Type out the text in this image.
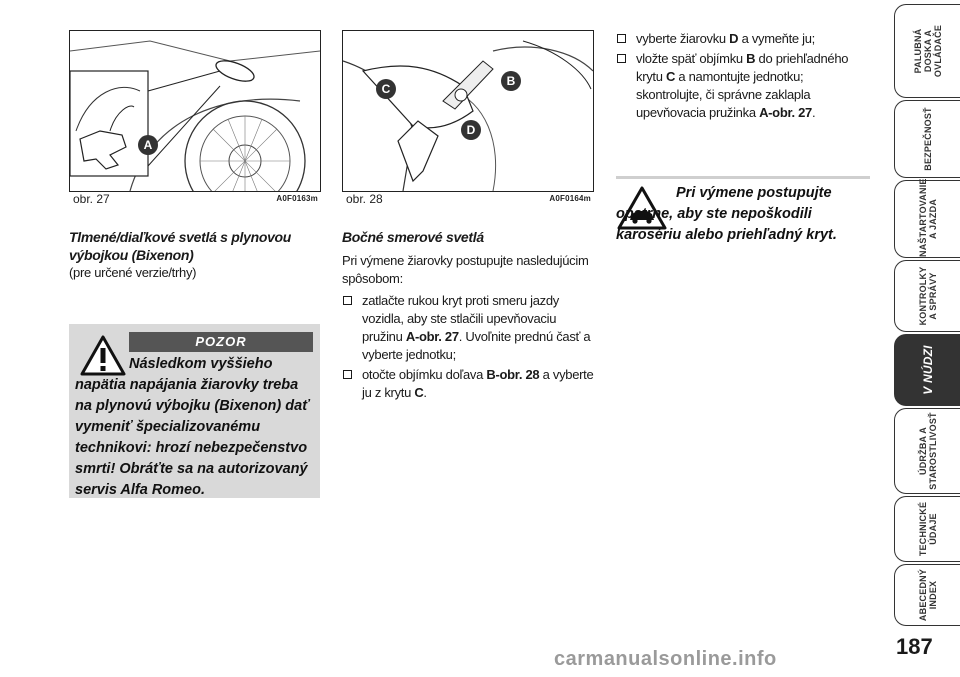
A
obr. 27	A0F0163m
C
B
D
obr. 28	A0F0164m
Tlmené/diaľkové svetlá s plynovou výbojkou (Bixenon)
(pre určené verzie/trhy)
POZOR
Následkom vyššieho napätia napájania žiarovky treba na plynovú výbojku (Bixenon) dať vymeniť špecializovanému technikovi: hrozí nebezpečenstvo smrti! Obráťte sa na autorizovaný servis Alfa Romeo.
Bočné smerové svetlá
Pri výmene žiarovky postupujte nasledujúcim spôsobom:
zatlačte rukou kryt proti smeru jazdy vozidla, aby ste stlačili upevňovaciu pružinu A-obr. 27. Uvoľnite prednú časť a vyberte jednotku;
otočte objímku doľava B-obr. 28 a vyberte ju z krytu C.
vyberte žiarovku D a vymeňte ju;
vložte späť objímku B do priehľadného krytu C a namontujte jednotku; skontrolujte, či správne zaklapla upevňovacia pružinka A-obr. 27.
Pri výmene postupujte opatrne, aby ste nepoškodili karosériu alebo priehľadný kryt.
PALUBNÁ DOSKA A OVLÁDAČE
BEZPEČNOSŤ
NAŠTARTOVANIE A JAZDA
KONTROLKY A SPRÁVY
V NÚDZI
ÚDRŽBA A STAROSTLIVOSŤ
TECHNICKÉ ÚDAJE
ABECEDNÝ INDEX
187
carmanualsonline.info
